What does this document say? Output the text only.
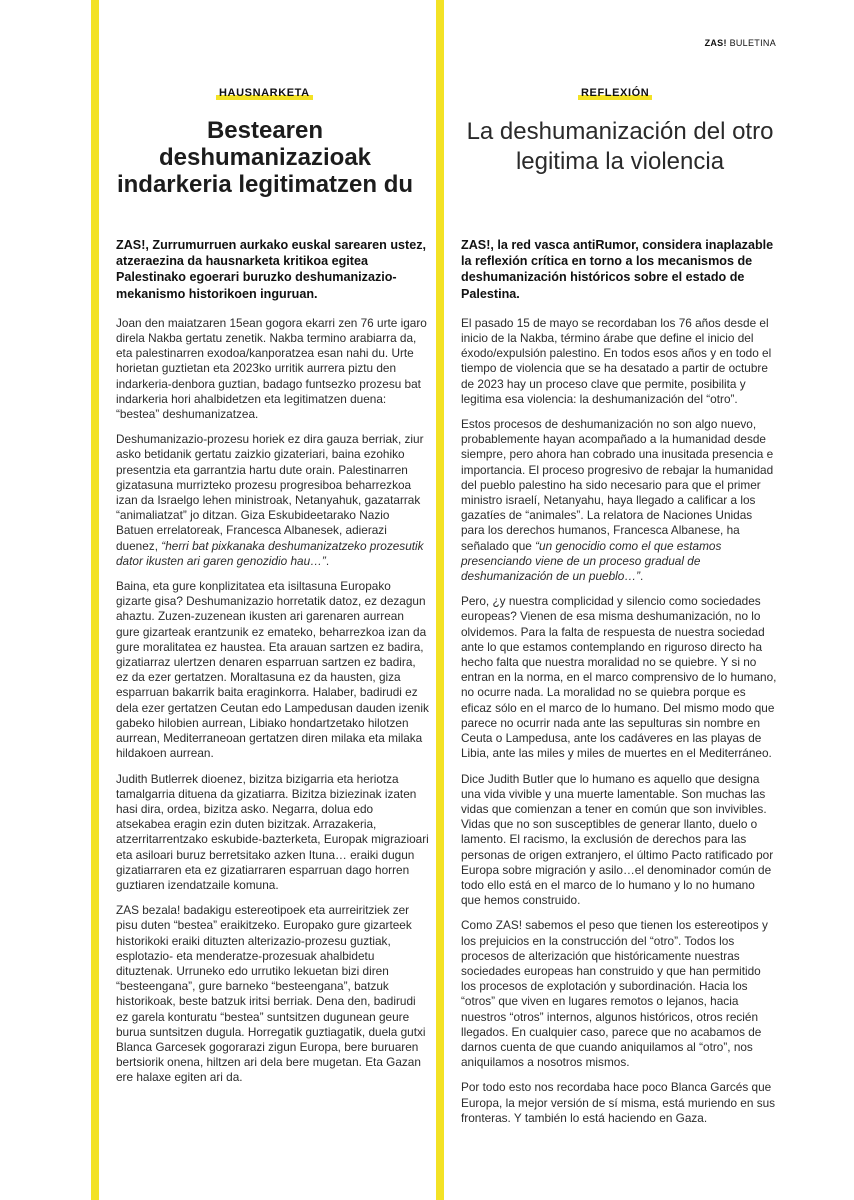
ZAS! BULETINA
HAUSNARKETA	REFLEXIÓN
Bestearen deshumanizazioak indarkeria legitimatzen du
La deshumanización del otro legitima la violencia

ZAS!, Zurrumurruen aurkako euskal sarearen ustez, atzeraezina da hausnarketa kritikoa egitea Palestinako egoerari buruzko deshumanizazio-mekanismo historikoen inguruan.

Joan den maiatzaren 15ean gogora ekarri zen 76 urte igaro direla Nakba gertatu zenetik. Nakba termino arabiarra da, eta palestinarren exodoa/kanporatzea esan nahi du. Urte horietan guztietan eta 2023ko urritik aurrera piztu den indarkeria-denbora guztian, badago funtsezko prozesu bat indarkeria hori ahalbidetzen eta legitimatzen duena: “bestea” deshumanizatzea.

Deshumanizazio-prozesu horiek ez dira gauza berriak, ziur asko betidanik gertatu zaizkio gizateriari, baina ezohiko presentzia eta garrantzia hartu dute orain. Palestinarren gizatasuna murrizteko prozesu progresiboa beharrezkoa izan da Israelgo lehen ministroak, Netanyahuk, gazatarrak “animaliatzat” jo ditzan. Giza Eskubideetarako Nazio Batuen errelatoreak, Francesca Albanesek, adierazi duenez, “herri bat pixkanaka deshumanizatzeko prozesutik dator ikusten ari garen genozidio hau…”.

Baina, eta gure konplizitatea eta isiltasuna Europako gizarte gisa? Deshumanizazio horretatik datoz, ez dezagun ahaztu. Zuzen-zuzenean ikusten ari garenaren aurrean gure gizarteak erantzunik ez emateko, beharrezkoa izan da gure moralitatea ez haustea. Eta arauan sartzen ez badira, gizatiarraz ulertzen denaren esparruan sartzen ez badira, ez da ezer gertatzen. Moraltasuna ez da hausten, giza esparruan bakarrik baita eraginkorra. Halaber, badirudi ez dela ezer gertatzen Ceutan edo Lampedusan dauden izenik gabeko hilobien aurrean, Libiako hondartzetako hilotzen aurrean, Mediterraneoan gertatzen diren milaka eta milaka hildakoen aurrean.

Judith Butlerrek dioenez, bizitza bizigarria eta heriotza tamalgarria dituena da gizatiarra. Bizitza biziezinak izaten hasi dira, ordea, bizitza asko. Negarra, dolua edo atsekabea eragin ezin duten bizitzak. Arrazakeria, atzerritarrentzako eskubide-bazterketa, Europak migrazioari eta asiloari buruz berretsitako azken Ituna… eraiki dugun gizatiarraren eta ez gizatiarraren esparruan dago horren guztiaren izendatzaile komuna.

ZAS bezala! badakigu estereotipoek eta aurreiritziek zer pisu duten “bestea” eraikitzeko. Europako gure gizarteek historikoki eraiki dituzten alterizazio-prozesu guztiak, esplotazio- eta menderatze-prozesuak ahalbidetu dituztenak. Urruneko edo urrutiko lekuetan bizi diren “besteengana”, gure barneko “besteengana”, batzuk historikoak, beste batzuk iritsi berriak. Dena den, badirudi ez garela konturatu “bestea” suntsitzen dugunean geure burua suntsitzen dugula. Horregatik guztiagatik, duela gutxi Blanca Garcesek gogorarazi zigun Europa, bere buruaren bertsiorik onena, hiltzen ari dela bere mugetan. Eta Gazan ere halaxe egiten ari da.

ZAS!, la red vasca antiRumor, considera inaplazable la reflexión crítica en torno a los mecanismos de deshumanización históricos sobre el estado de Palestina.

El pasado 15 de mayo se recordaban los 76 años desde el inicio de la Nakba, término árabe que define el inicio del éxodo/expulsión palestino. En todos esos años y en todo el tiempo de violencia que se ha desatado a partir de octubre de 2023 hay un proceso clave que permite, posibilita y legitima esa violencia: la deshumanización del “otro”.

Estos procesos de deshumanización no son algo nuevo, probablemente hayan acompañado a la humanidad desde siempre, pero ahora han cobrado una inusitada presencia e importancia. El proceso progresivo de rebajar la humanidad del pueblo palestino ha sido necesario para que el primer ministro israelí, Netanyahu, haya llegado a calificar a los gazatíes de “animales”. La relatora de Naciones Unidas para los derechos humanos, Francesca Albanese, ha señalado que “un genocidio como el que estamos presenciando viene de un proceso gradual de deshumanización de un pueblo…”.

Pero, ¿y nuestra complicidad y silencio como sociedades europeas? Vienen de esa misma deshumanización, no lo olvidemos. Para la falta de respuesta de nuestra sociedad ante lo que estamos contemplando en riguroso directo ha hecho falta que nuestra moralidad no se quiebre. Y si no entran en la norma, en el marco comprensivo de lo humano, no ocurre nada. La moralidad no se quiebra porque es eficaz sólo en el marco de lo humano. Del mismo modo que parece no ocurrir nada ante las sepulturas sin nombre en Ceuta o Lampedusa, ante los cadáveres en las playas de Libia, ante las miles y miles de muertes en el Mediterráneo.

Dice Judith Butler que lo humano es aquello que designa una vida vivible y una muerte lamentable. Son muchas las vidas que comienzan a tener en común que son invivibles. Vidas que no son susceptibles de generar llanto, duelo o lamento. El racismo, la exclusión de derechos para las personas de origen extranjero, el último Pacto ratificado por Europa sobre migración y asilo…el denominador común de todo ello está en el marco de lo humano y lo no humano que hemos construido.

Como ZAS! sabemos el peso que tienen los estereotipos y los prejuicios en la construcción del “otro”. Todos los procesos de alterización que históricamente nuestras sociedades europeas han construido y que han permitido los procesos de explotación y subordinación. Hacia los “otros” que viven en lugares remotos o lejanos, hacia nuestros “otros” internos, algunos históricos, otros recién llegados. En cualquier caso, parece que no acabamos de darnos cuenta de que cuando aniquilamos al “otro”, nos aniquilamos a nosotros mismos.

Por todo esto nos recordaba hace poco Blanca Garcés que Europa, la mejor versión de sí misma, está muriendo en sus fronteras. Y también lo está haciendo en Gaza.
